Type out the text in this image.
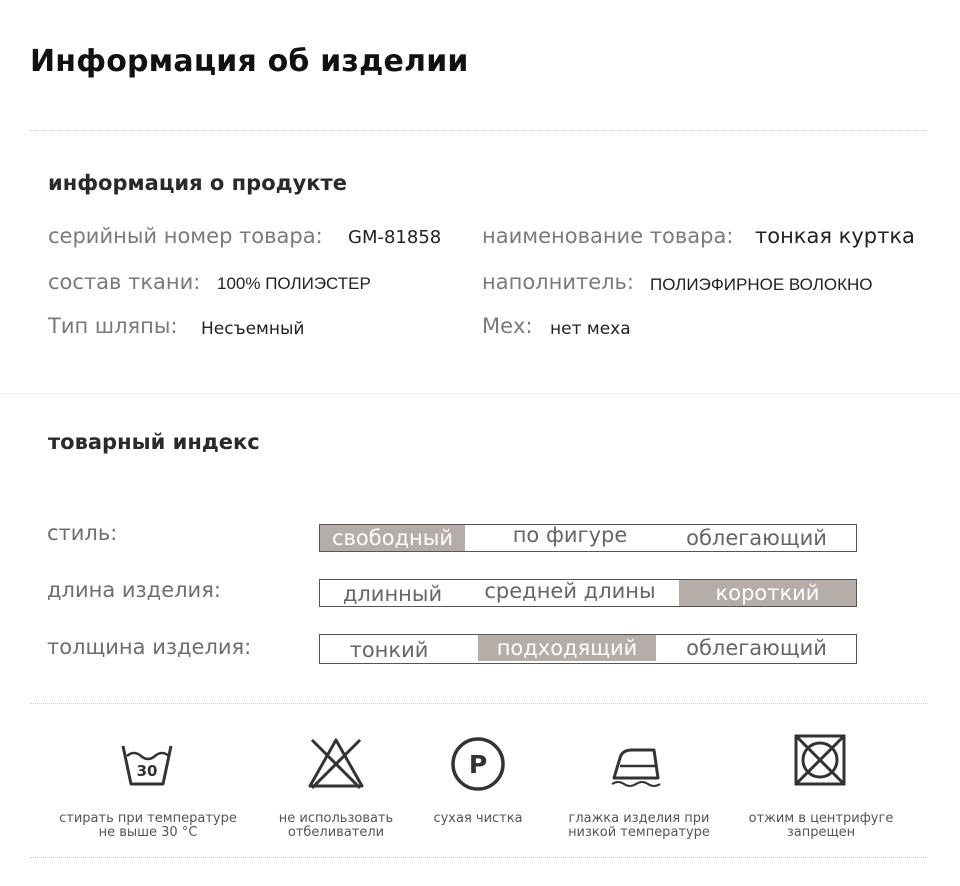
Информация об изделии
информация о продукте
серийный номер товара: GM-81858 наименование товара: тонкая куртка
состав ткани: 100% ПОЛИЭСТЕР	наполнитель: ПОЛИЭФИРНОЕ ВОЛОКНО
Тип шляпы: Несъемный	Мех: нет меха
товарный индекс
стиль:	свободный	по фигуре	облегающий
длина изделия:	длинный	средней длины	короткий
толщина изделия:	тонкий	подходящий	облегающий
30
стирать при температуре
не выше 30 °С
не использовать
отбеливатели
P
сухая чистка	глажка изделия при
низкой температуре
отжим в центрифуге
запрещен
